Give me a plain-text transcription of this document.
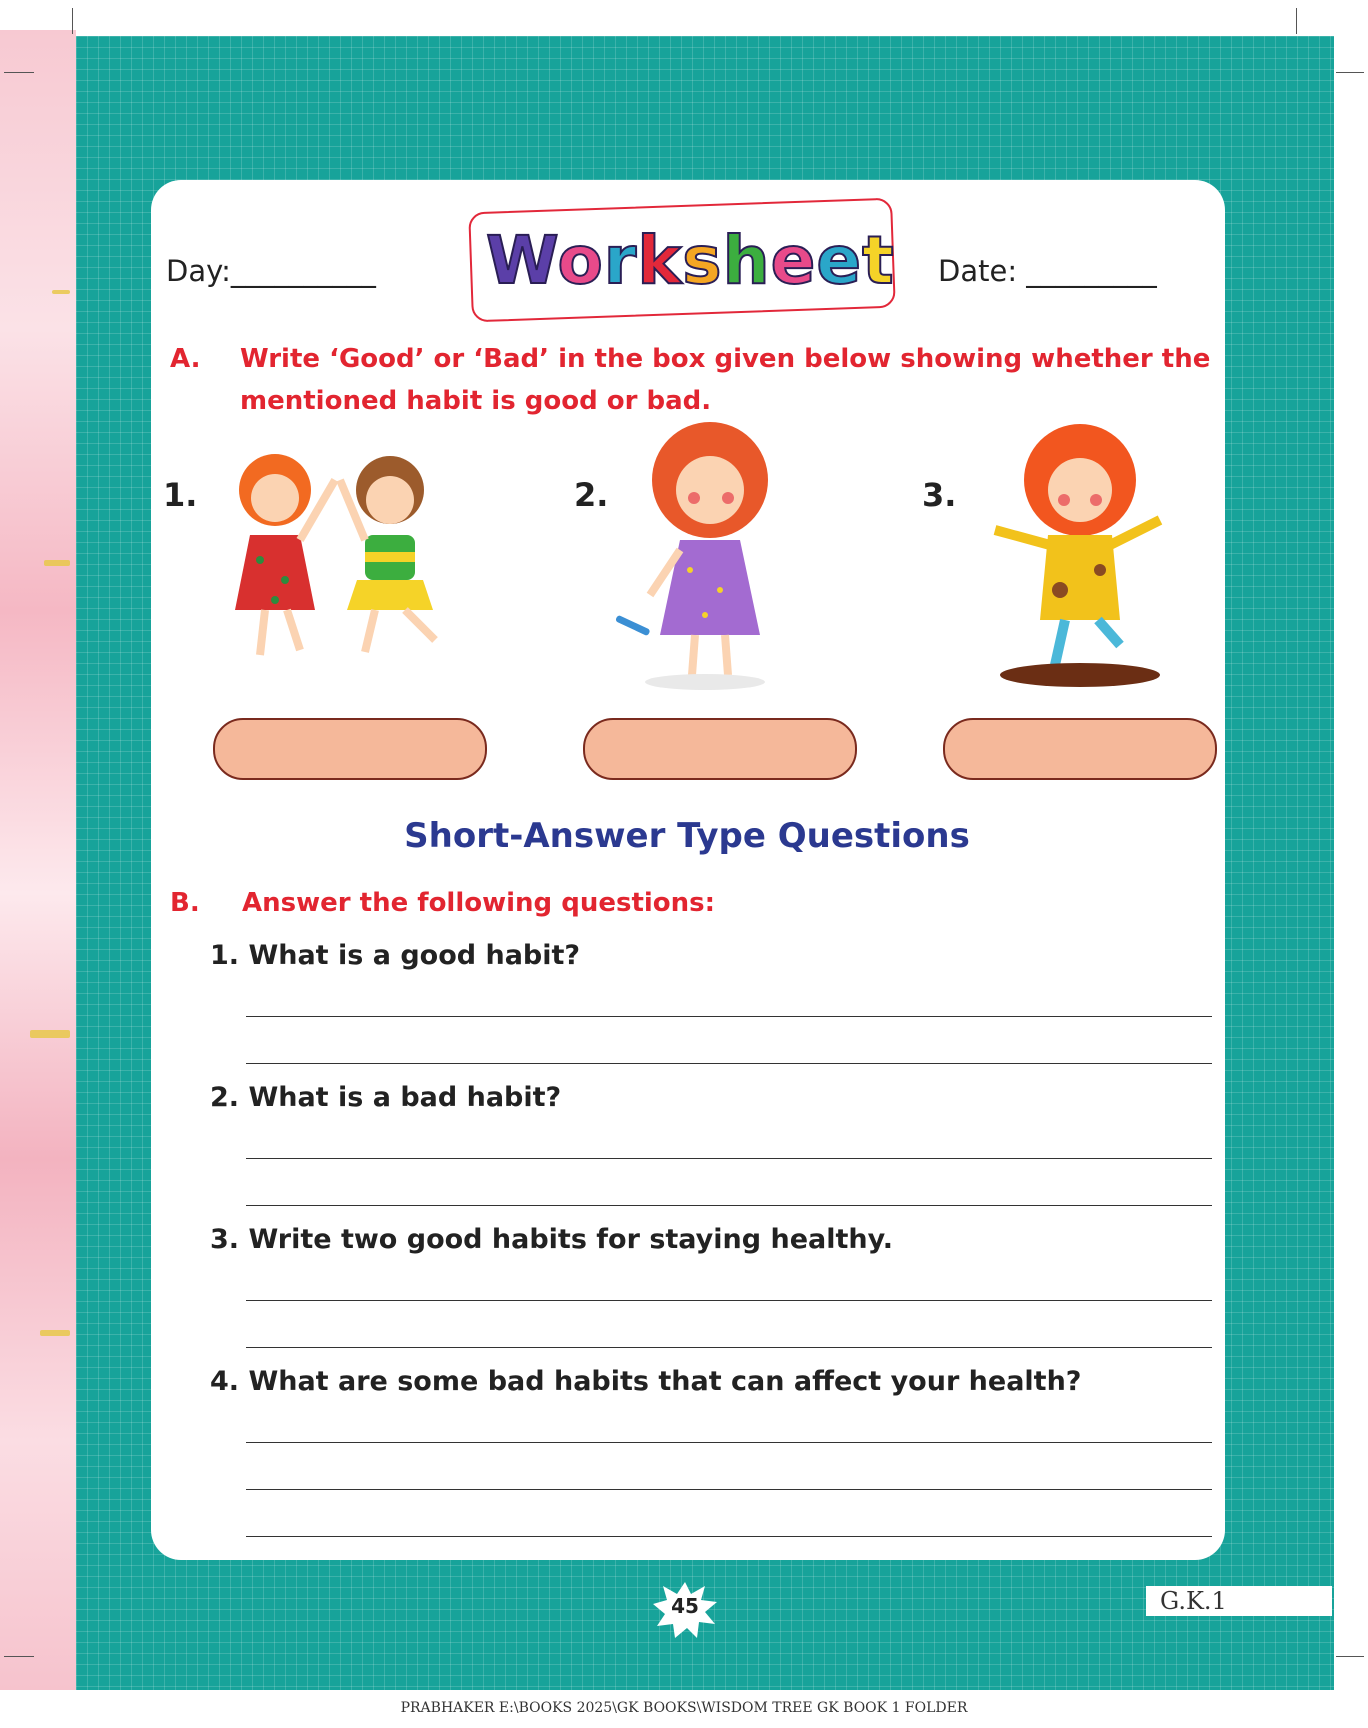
Day:__________ Worksheet Date: _________
A. Write ‘Good’ or ‘Bad’ in the box given below showing whether the
mentioned habit is good or bad.
1.	2.	3.
Short-Answer Type Questions
B. Answer the following questions:
1. What is a good habit?
2. What is a bad habit?
3. Write two good habits for staying healthy.
4. What are some bad habits that can affect your health?
45	G.K.1
PRABHAKER E:\BOOKS 2025\GK BOOKS\WISDOM TREE GK BOOK 1 FOLDER
